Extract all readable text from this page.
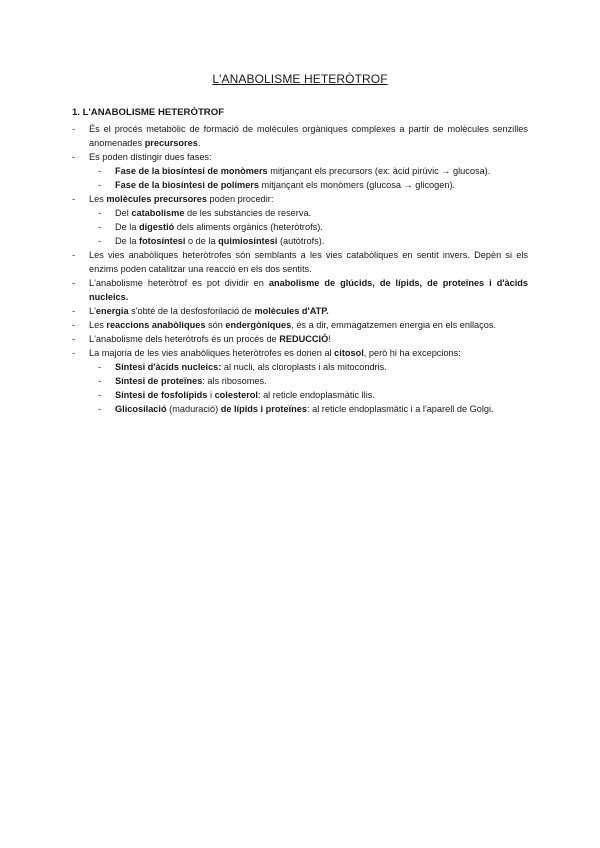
L'ANABOLISME HETERÒTROF
1. L'ANABOLISME HETERÒTROF
- És el procés metabòlic de formació de molècules orgàniques complexes a partir de molècules senzilles anomenades precursores.
- Es poden distingir dues fases:
- Fase de la biosíntesi de monòmers mitjançant els precursors (ex: àcid pirúvic → glucosa).
- Fase de la biosíntesi de polímers mitjançant els monòmers (glucosa → glicogen).
- Les molècules precursores poden procedir:
- Del catabolisme de les substàncies de reserva.
- De la digestió dels aliments orgànics (heteròtrofs).
- De la fotosíntesi o de la quimiosíntesi (autòtrofs).
- Les vies anabòliques heteròtrofes són semblants a les vies catabòliques en sentit invers. Depèn si els enzims poden catalitzar una reacció en els dos sentits.
- L'anabolisme heteròtrof es pot dividir en anabolisme de glúcids, de lípids, de proteïnes i d'àcids nucleics.
- L'energia s'obté de la desfosforilació de molècules d'ATP.
- Les reaccions anabòliques són endergòniques, és a dir, emmagatzemen energia en els enllaços.
- L'anabolisme dels heteròtrofs és un procés de REDUCCIÓ!
- La majoria de les vies anabòliques heteròtrofes es donen al citosol, però hi ha excepcions:
- Síntesi d'àcids nucleics: al nucli, als cloroplasts i als mitocondris.
- Síntesi de proteïnes: als ribosomes.
- Síntesi de fosfolípids i colesterol: al reticle endoplasmàtic llis.
- Glicosilació (maduració) de lípids i proteïnes: al reticle endoplasmàtic i a l'aparell de Golgi.
